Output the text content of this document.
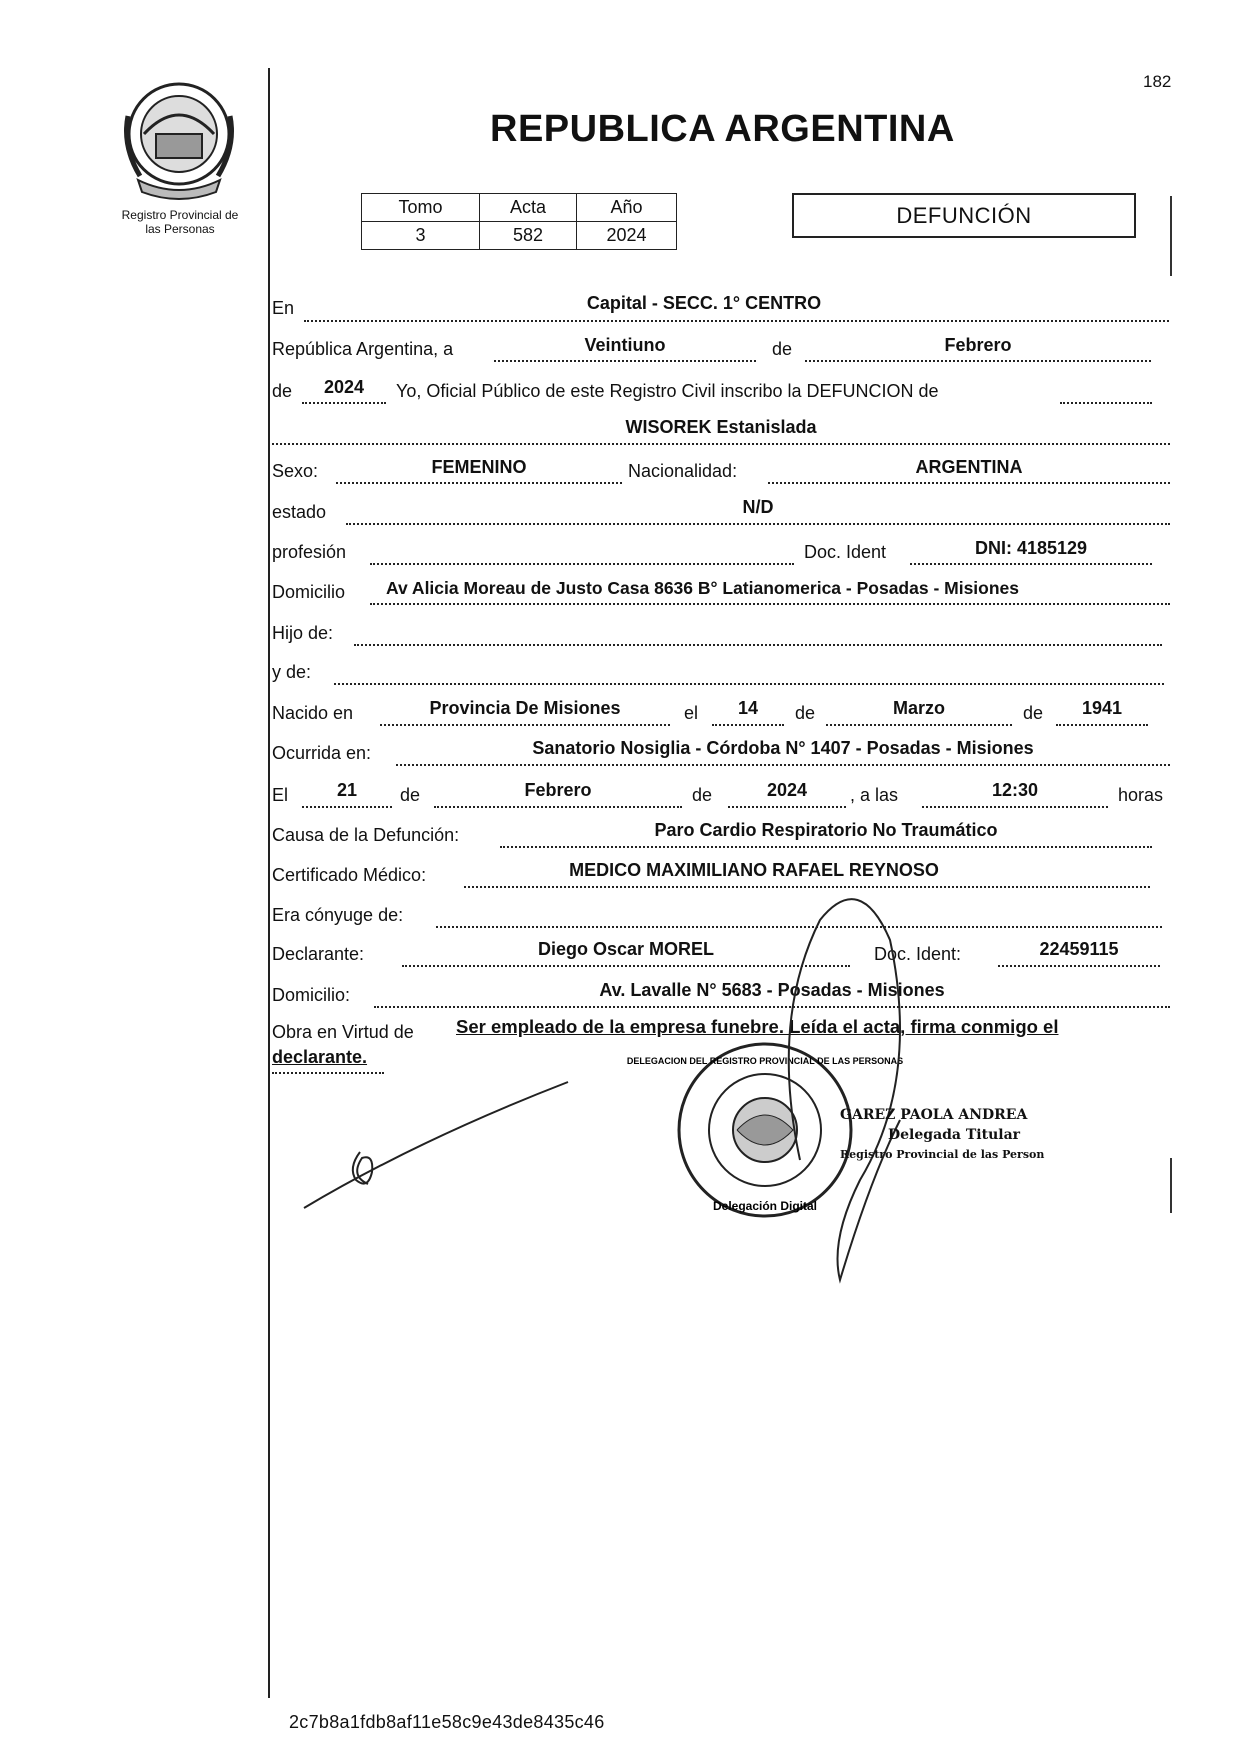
182
Registro Provincial de
las Personas
REPUBLICA ARGENTINA
Tomo	Acta	Año
3	582	2024
DEFUNCIÓN
En	Capital - SECC. 1° CENTRO
República Argentina, a	Veintiuno	de	Febrero
de	2024	Yo, Oficial Público de este Registro Civil inscribo la DEFUNCION de
WISOREK Estanislada
Sexo:	FEMENINO	Nacionalidad:	ARGENTINA
estado	N/D
profesión	Doc. Ident	DNI: 4185129
Domicilio Av Alicia Moreau de Justo Casa 8636 B° Latianomerica - Posadas - Misiones
Hijo de:
y de:
Nacido en	Provincia De Misiones	el	14	de	Marzo	de	1941
Ocurrida en:	Sanatorio Nosiglia - Córdoba N° 1407 - Posadas - Misiones
El	21	de	Febrero	de	2024	, a las	12:30	horas
Causa de la Defunción:	Paro Cardio Respiratorio No Traumático
Certificado Médico:	MEDICO MAXIMILIANO RAFAEL REYNOSO
Era cónyuge de:
Declarante:	Diego Oscar MOREL	Doc. Ident:	22459115
Domicilio:	Av. Lavalle N° 5683 - Posadas - Misiones
Obra en Virtud de Ser empleado de la empresa funebre. Leída el acta, firma conmigo el
declarante.
Delegación Digital
DELEGACION DEL REGISTRO PROVINCIAL DE LAS PERSONAS
GAREZ PAOLA ANDREA
Delegada Titular
Registro Provincial de las Person
2c7b8a1fdb8af11e58c9e43de8435c46
